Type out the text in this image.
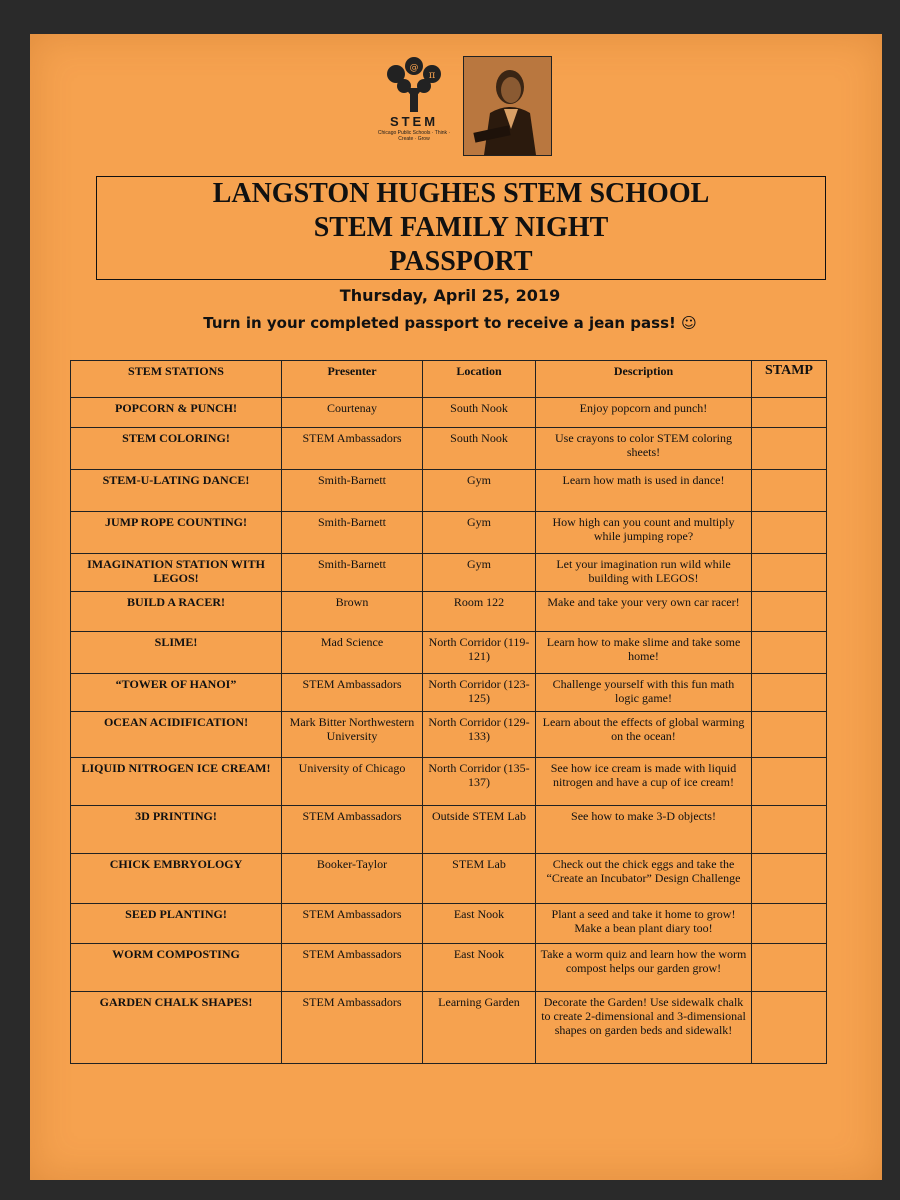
@
π
STEM
Chicago Public Schools · Think · Create · Grow
LANGSTON HUGHES STEM SCHOOL
STEM FAMILY NIGHT
PASSPORT
Thursday, April 25, 2019
Turn in your completed passport to receive a jean pass! ☺
STEM STATIONS	Presenter	Location	Description	STAMP
POPCORN & PUNCH!	Courtenay	South Nook	Enjoy popcorn and punch!	
STEM COLORING!	STEM Ambassadors	South Nook	Use crayons to color STEM coloring sheets!	
STEM-U-LATING DANCE!	Smith-Barnett	Gym	Learn how math is used in dance!	
JUMP ROPE COUNTING!	Smith-Barnett	Gym	How high can you count and multiply while jumping rope?	
IMAGINATION STATION WITH LEGOS!	Smith-Barnett	Gym	Let your imagination run wild while building with LEGOS!	
BUILD A RACER!	Brown	Room 122	Make and take your very own car racer!	
SLIME!	Mad Science	North Corridor (119-121)	Learn how to make slime and take some home!	
“TOWER OF HANOI”	STEM Ambassadors	North Corridor (123-125)	Challenge yourself with this fun math logic game!	
OCEAN ACIDIFICATION!	Mark Bitter Northwestern University	North Corridor (129-133)	Learn about the effects of global warming on the ocean!	
LIQUID NITROGEN ICE CREAM!	University of Chicago	North Corridor (135-137)	See how ice cream is made with liquid nitrogen and have a cup of ice cream!	
3D PRINTING!	STEM Ambassadors	Outside STEM Lab	See how to make 3-D objects!	
CHICK EMBRYOLOGY	Booker-Taylor	STEM Lab	Check out the chick eggs and take the “Create an Incubator” Design Challenge	
SEED PLANTING!	STEM Ambassadors	East Nook	Plant a seed and take it home to grow! Make a bean plant diary too!	
WORM COMPOSTING	STEM Ambassadors	East Nook	Take a worm quiz and learn how the worm compost helps our garden grow!	
GARDEN CHALK SHAPES!	STEM Ambassadors	Learning Garden	Decorate the Garden! Use sidewalk chalk to create 2-dimensional and 3-dimensional shapes on garden beds and sidewalk!	
